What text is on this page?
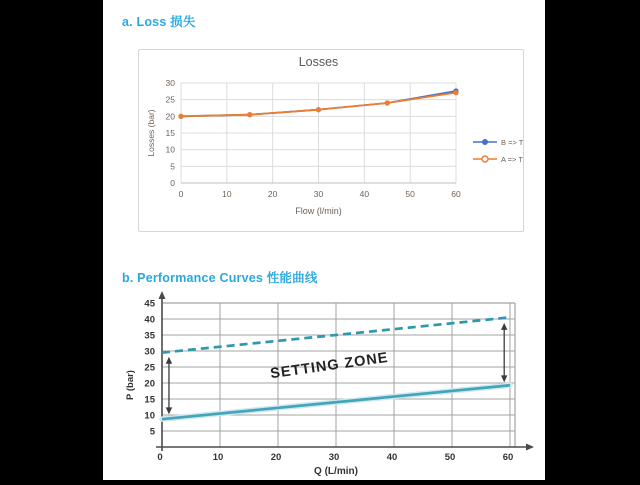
a. Loss 损失
Losses
0
5
10
15
20
25
30
0	10	20	30	40	50	60
Losses (bar)
Flow (l/min)
B => T
A => T
b. Performance Curves 性能曲线
5
10
15
20
25
30
35
40
45
0	10	20	30	40	50	60
P (bar)
Q (L/min)
SETTING ZONE
